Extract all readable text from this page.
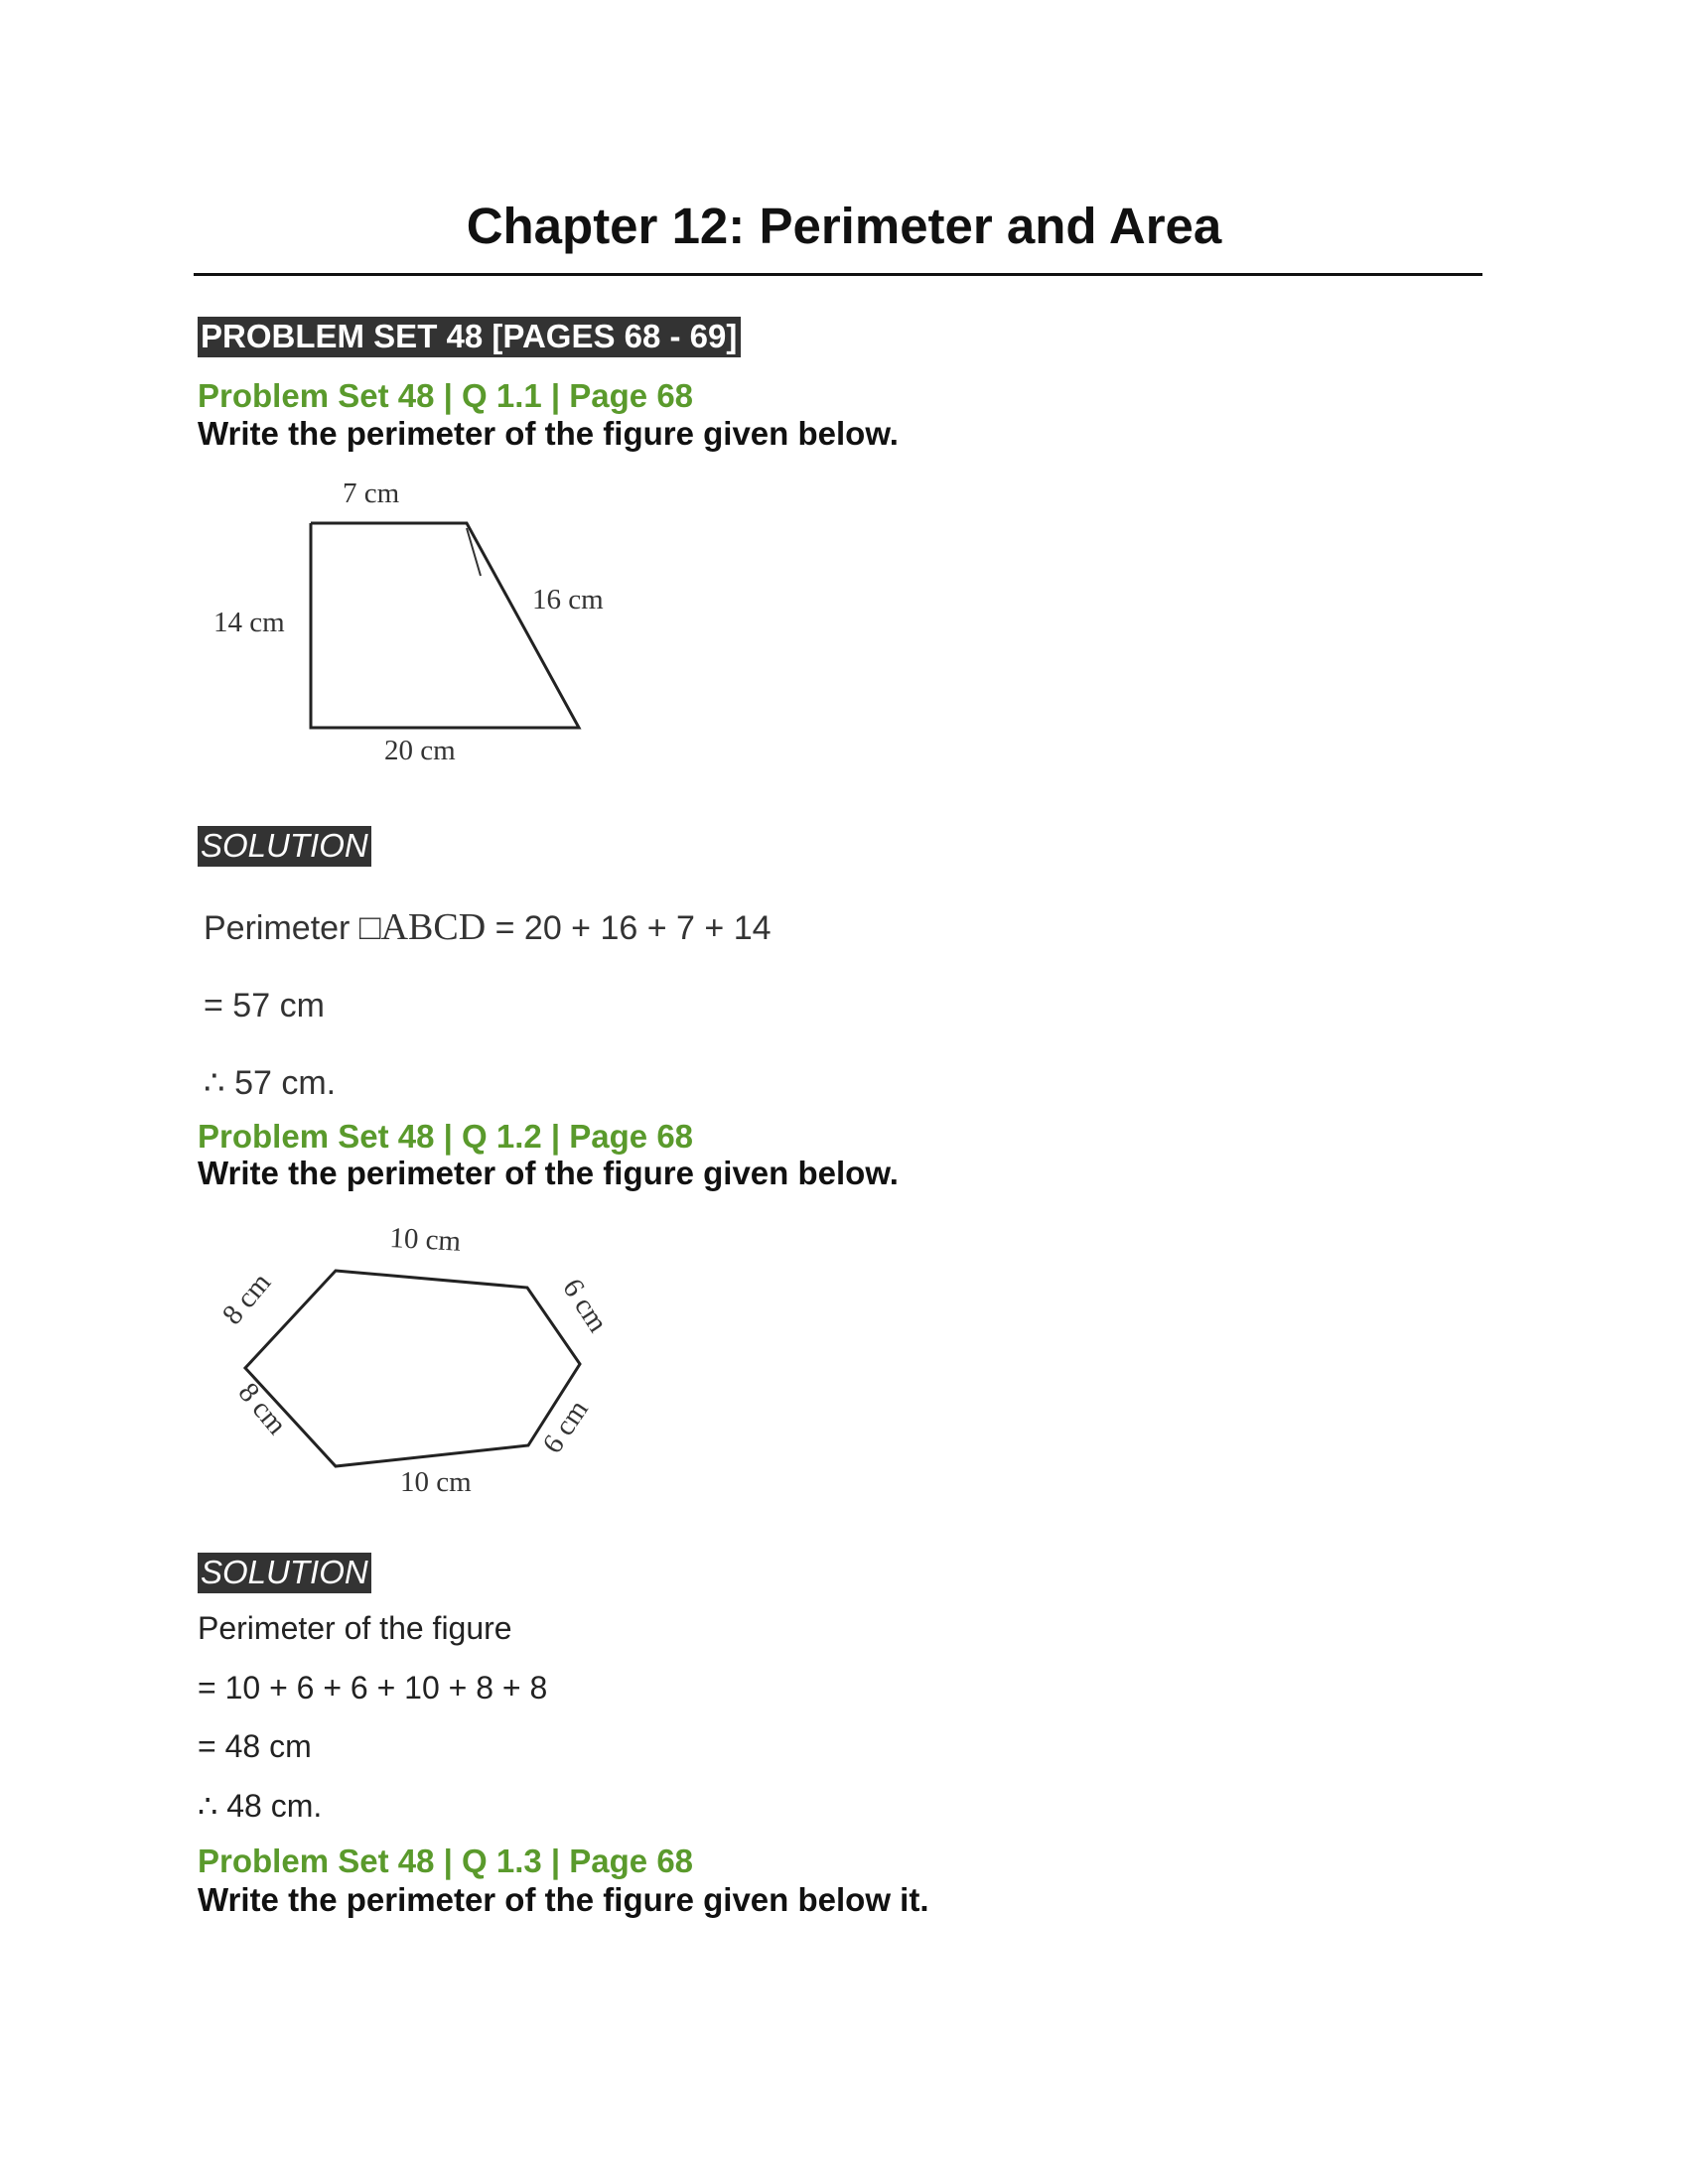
Chapter 12: Perimeter and Area
PROBLEM SET 48 [PAGES 68 - 69]
Problem Set 48 | Q 1.1 | Page 68
Write the perimeter of the figure given below.
7 cm
16 cm
14 cm
20 cm
SOLUTION
Perimeter □ABCD = 20 + 16 + 7 + 14
= 57 cm
∴ 57 cm.
Problem Set 48 | Q 1.2 | Page 68
Write the perimeter of the figure given below.
10 cm
6 cm
6 cm
10 cm
8 cm
8 cm
SOLUTION
Perimeter of the figure
= 10 + 6 + 6 + 10 + 8 + 8
= 48 cm
∴ 48 cm.
Problem Set 48 | Q 1.3 | Page 68
Write the perimeter of the figure given below it.
